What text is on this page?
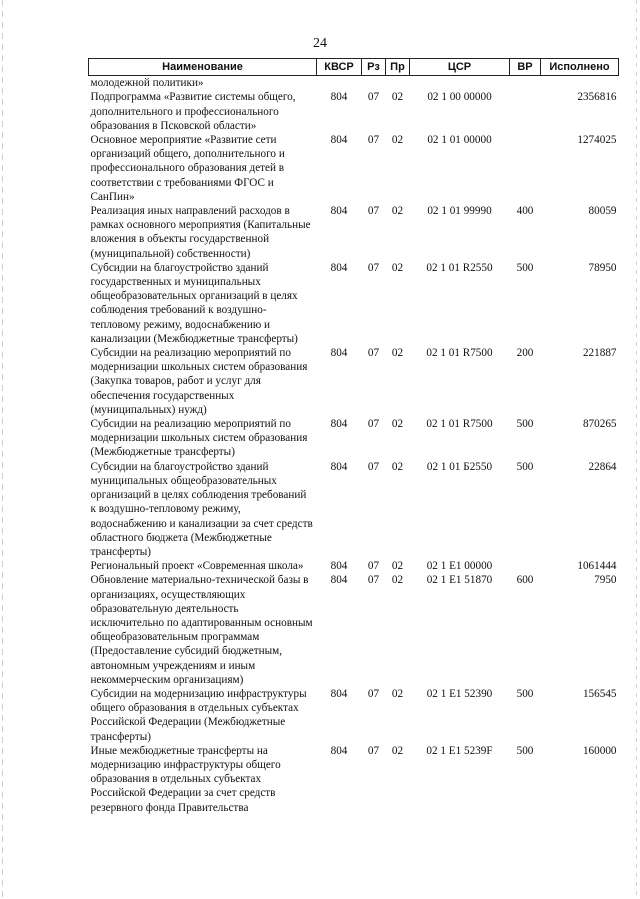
24
Наименование	КВСР	Рз	Пр	ЦСР	ВР	Исполнено
молодежной политики»						
Подпрограмма «Развитие системы общего, дополнительного и профессионального образования в Псковской области»	804	07	02	02 1 00 00000		2356816
Основное мероприятие «Развитие сети организаций общего, дополнительного и профессионального образования детей в соответствии с требованиями ФГОС и СанПин»	804	07	02	02 1 01 00000		1274025
Реализация иных направлений расходов в рамках основного мероприятия (Капитальные вложения в объекты государственной (муниципальной) собственности)	804	07	02	02 1 01 99990	400	80059
Субсидии на благоустройство зданий государственных и муниципальных общеобразовательных организаций в целях соблюдения требований к воздушно-тепловому режиму, водоснабжению и канализации (Межбюджетные трансферты)	804	07	02	02 1 01 R2550	500	78950
Субсидии на реализацию мероприятий по модернизации школьных систем образования (Закупка товаров, работ и услуг для обеспечения государственных (муниципальных) нужд)	804	07	02	02 1 01 R7500	200	221887
Субсидии на реализацию мероприятий по модернизации школьных систем образования (Межбюджетные трансферты)	804	07	02	02 1 01 R7500	500	870265
Субсидии на благоустройство зданий муниципальных общеобразовательных организаций в целях соблюдения требований к воздушно-тепловому режиму, водоснабжению и канализации за счет средств областного бюджета (Межбюджетные трансферты)	804	07	02	02 1 01 Б2550	500	22864
Региональный проект «Современная школа»	804	07	02	02 1 Е1 00000		1061444
Обновление материально-технической базы в организациях, осуществляющих образовательную деятельность исключительно по адаптированным основным общеобразовательным программам (Предоставление субсидий бюджетным, автономным учреждениям и иным некоммерческим организациям)	804	07	02	02 1 Е1 51870	600	7950
Субсидии на модернизацию инфраструктуры общего образования в отдельных субъектах Российской Федерации (Межбюджетные трансферты)	804	07	02	02 1 Е1 52390	500	156545
Иные межбюджетные трансферты на модернизацию инфраструктуры общего образования в отдельных субъектах Российской Федерации за счет средств резервного фонда Правительства	804	07	02	02 1 Е1 5239F	500	160000
